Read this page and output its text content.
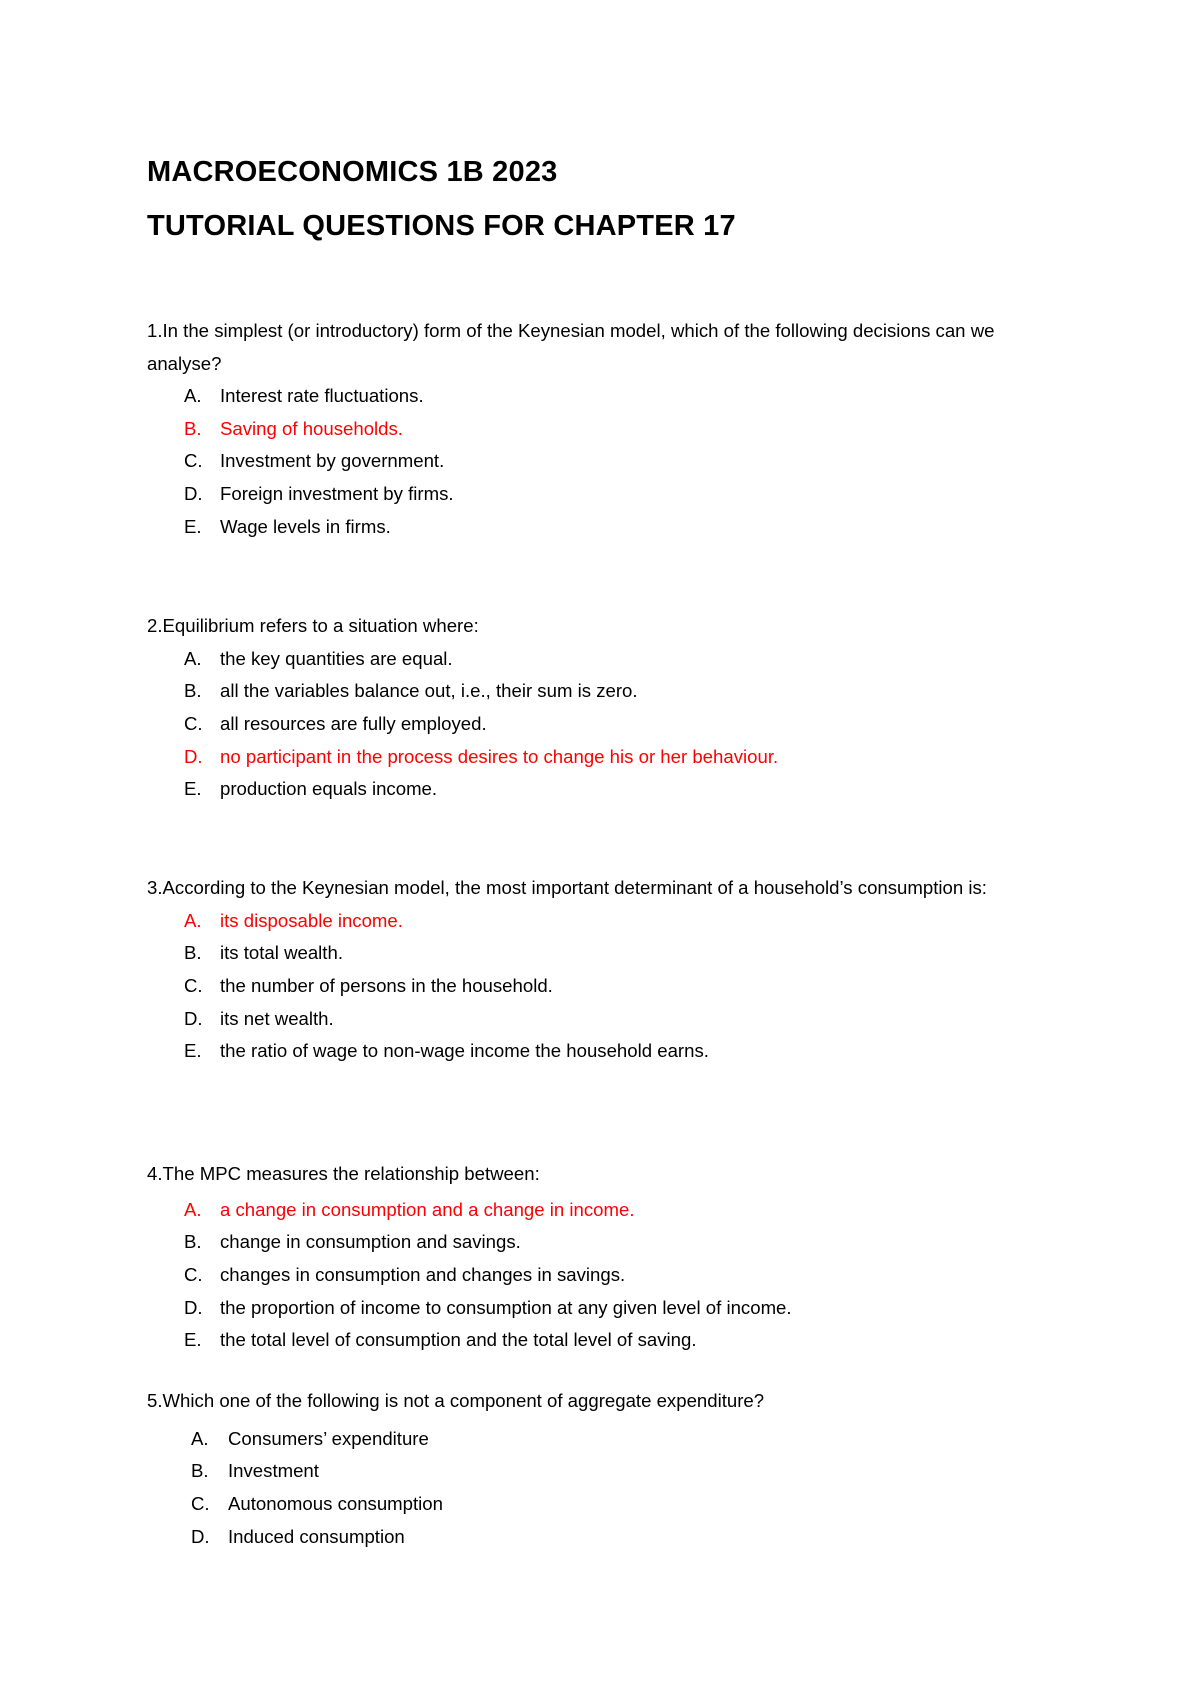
MACROECONOMICS 1B 2023
TUTORIAL QUESTIONS FOR CHAPTER 17

1.In the simplest (or introductory) form of the Keynesian model, which of the following decisions can we analyse?

A. Interest rate fluctuations.
B. Saving of households.
C. Investment by government.
D. Foreign investment by firms.
E. Wage levels in firms.

2.Equilibrium refers to a situation where:

A. the key quantities are equal.
B. all the variables balance out, i.e., their sum is zero.
C. all resources are fully employed.
D. no participant in the process desires to change his or her behaviour.
E. production equals income.

3.According to the Keynesian model, the most important determinant of a household’s consumption is:

A. its disposable income.
B. its total wealth.
C. the number of persons in the household.
D. its net wealth.
E. the ratio of wage to non-wage income the household earns.

4.The MPC measures the relationship between:

A. a change in consumption and a change in income.
B. change in consumption and savings.
C. changes in consumption and changes in savings.
D. the proportion of income to consumption at any given level of income.
E. the total level of consumption and the total level of saving.

5.Which one of the following is not a component of aggregate expenditure?

A. Consumers’ expenditure
B. Investment
C. Autonomous consumption
D. Induced consumption
